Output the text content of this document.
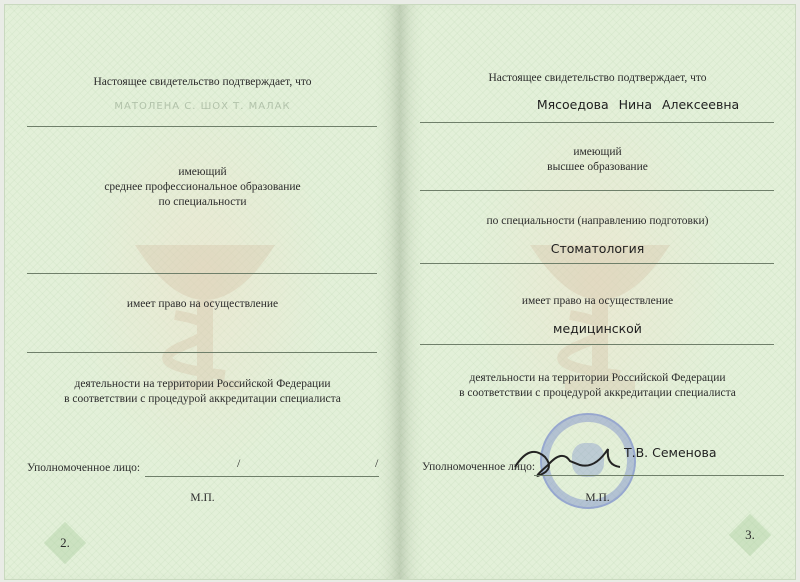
Настоящее свидетельство подтверждает, что
МАТОЛЕНА С. ШОХ Т. МАЛАК
имеющий
среднее профессиональное образование
по специальности
имеет право на осуществление
деятельности на территории Российской Федерации
в соответствии с процедурой аккредитации специалиста
Уполномоченное лицо:	/	/
М.П.
2.
Настоящее свидетельство подтверждает, что
Мясоедова Нина Алексеевна
имеющий
высшее образование
по специальности (направлению подготовки)
Стоматология
имеет право на осуществление
медицинской
деятельности на территории Российской Федерации
в соответствии с процедурой аккредитации специалиста
Уполномоченное лицо:
Т.В. Семенова
М.П.
3.
